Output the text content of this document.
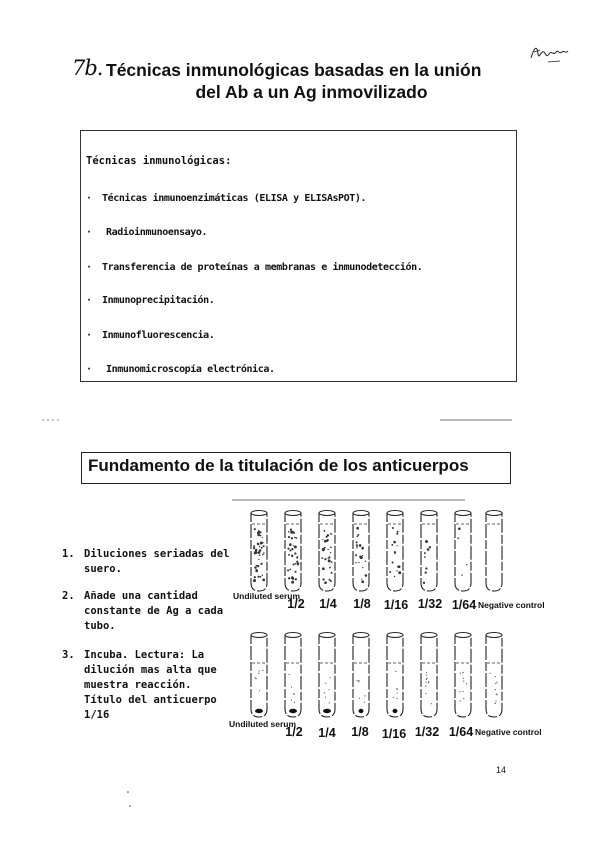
7b. Técnicas inmunológicas basadas en la unión
del Ab a un Ag inmovilizado
Técnicas inmunológicas:
· Técnicas inmunoenzimáticas (ELISA y ELISAsPOT).
· Radioinmunoensayo.
· Transferencia de proteínas a membranas e inmunodetección.
· Inmunoprecipitación.
· Inmunofluorescencia.
· Inmunomicroscopía electrónica.
Fundamento de la titulación de los anticuerpos
1. Diluciones seriadas del
suero.
2. Añade una cantidad
constante de Ag a cada
tubo.
3. Incuba. Lectura: La
dilución mas alta que
muestra reacción.
Título del anticuerpo
1/16
Undiluted serum
1/2 1/4 1/8	1/16 1/32 1/64 Negative control
Undiluted serum
1/2 1/4 1/8	1/16 1/32 1/64 Negative control
14
